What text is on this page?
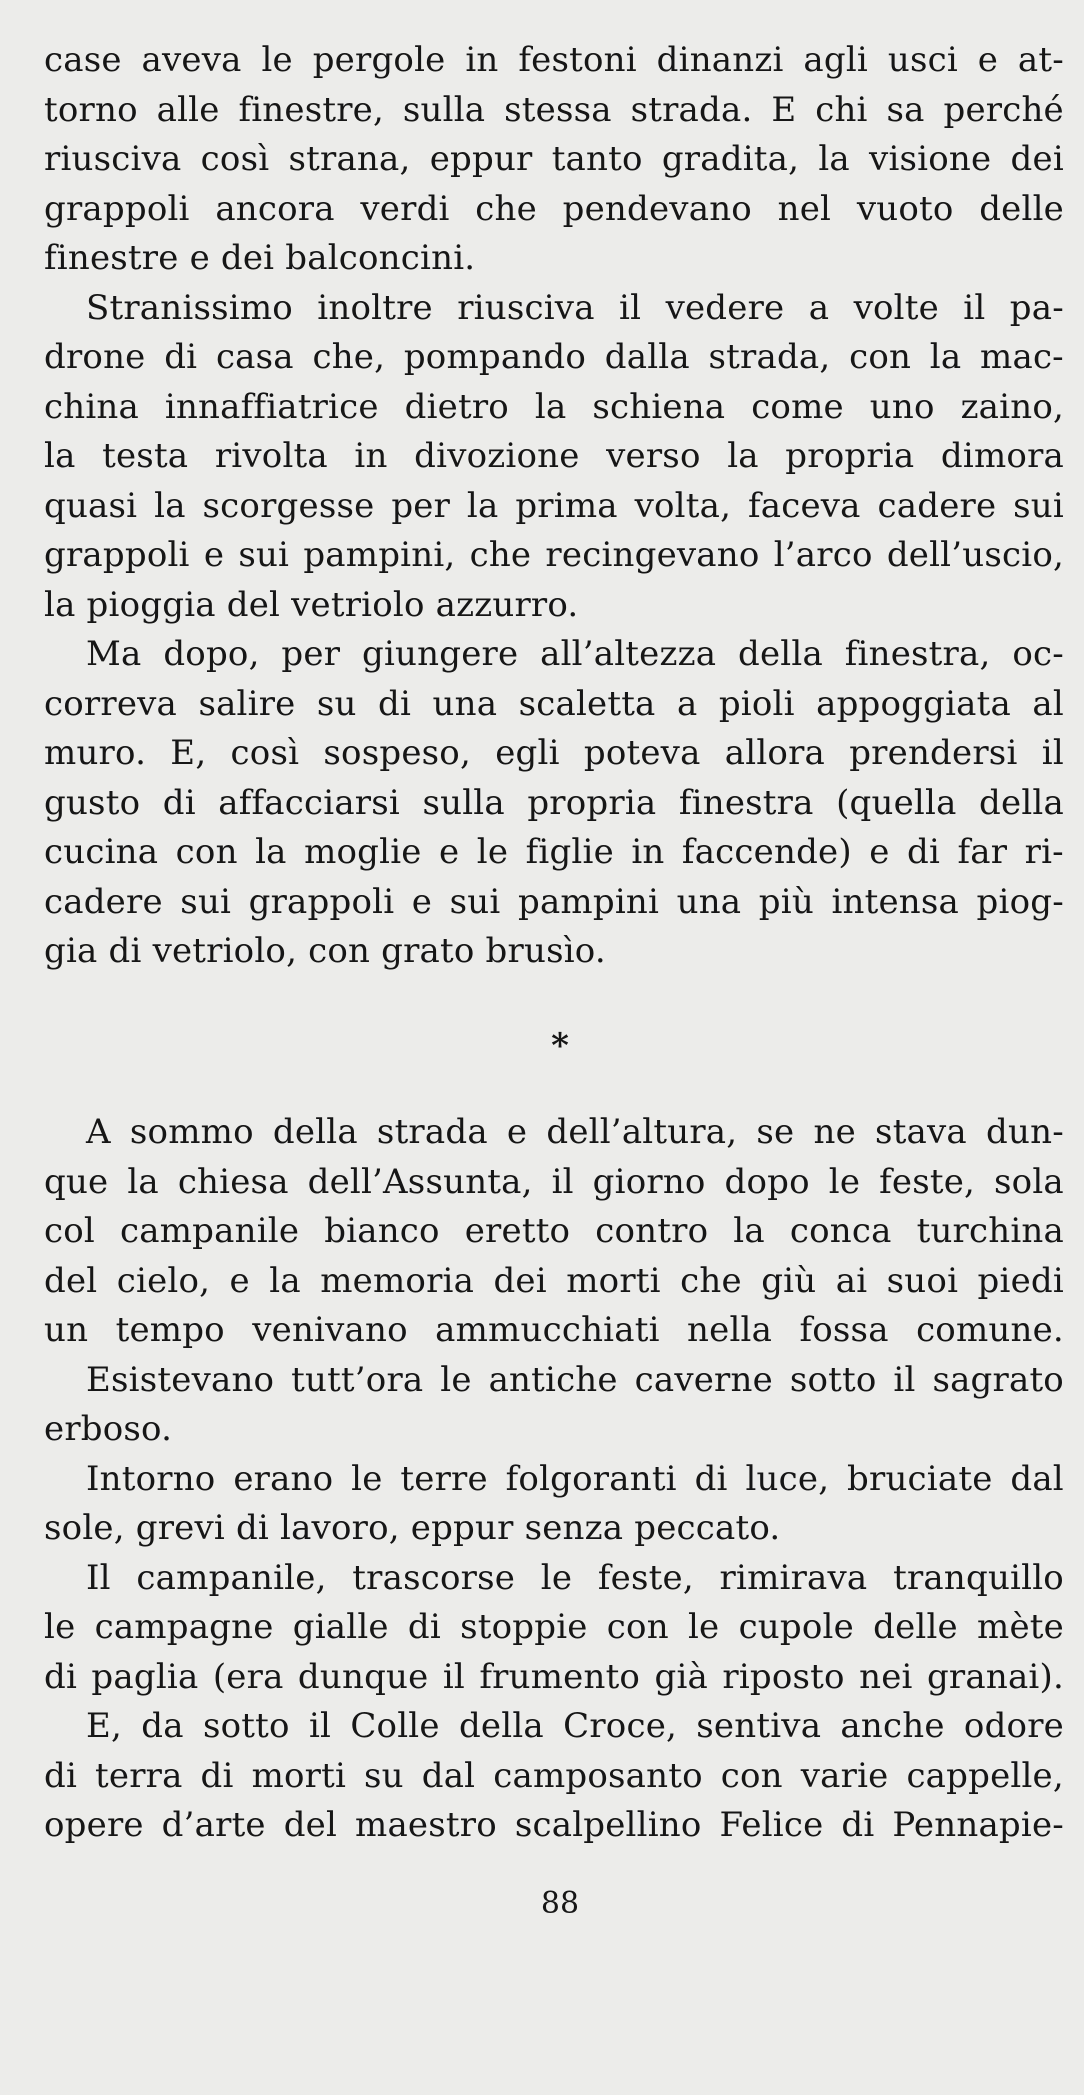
case aveva le pergole in festoni dinanzi agli usci e at-
torno alle finestre, sulla stessa strada. E chi sa perché
riusciva così strana, eppur tanto gradita, la visione dei
grappoli ancora verdi che pendevano nel vuoto delle
finestre e dei balconcini.
Stranissimo inoltre riusciva il vedere a volte il pa-
drone di casa che, pompando dalla strada, con la mac-
china innaffiatrice dietro la schiena come uno zaino,
la testa rivolta in divozione verso la propria dimora
quasi la scorgesse per la prima volta, faceva cadere sui
grappoli e sui pampini, che recingevano l’arco dell’uscio,
la pioggia del vetriolo azzurro.
Ma dopo, per giungere all’altezza della finestra, oc-
correva salire su di una scaletta a pioli appoggiata al
muro. E, così sospeso, egli poteva allora prendersi il
gusto di affacciarsi sulla propria finestra (quella della
cucina con la moglie e le figlie in faccende) e di far ri-
cadere sui grappoli e sui pampini una più intensa piog-
gia di vetriolo, con grato brusìo.
*
A sommo della strada e dell’altura, se ne stava dun-
que la chiesa dell’Assunta, il giorno dopo le feste, sola
col campanile bianco eretto contro la conca turchina
del cielo, e la memoria dei morti che giù ai suoi piedi
un tempo venivano ammucchiati nella fossa comune.
Esistevano tutt’ora le antiche caverne sotto il sagrato
erboso.
Intorno erano le terre folgoranti di luce, bruciate dal
sole, grevi di lavoro, eppur senza peccato.
Il campanile, trascorse le feste, rimirava tranquillo
le campagne gialle di stoppie con le cupole delle mète
di paglia (era dunque il frumento già riposto nei granai).
E, da sotto il Colle della Croce, sentiva anche odore
di terra di morti su dal camposanto con varie cappelle,
opere d’arte del maestro scalpellino Felice di Pennapie-
88
